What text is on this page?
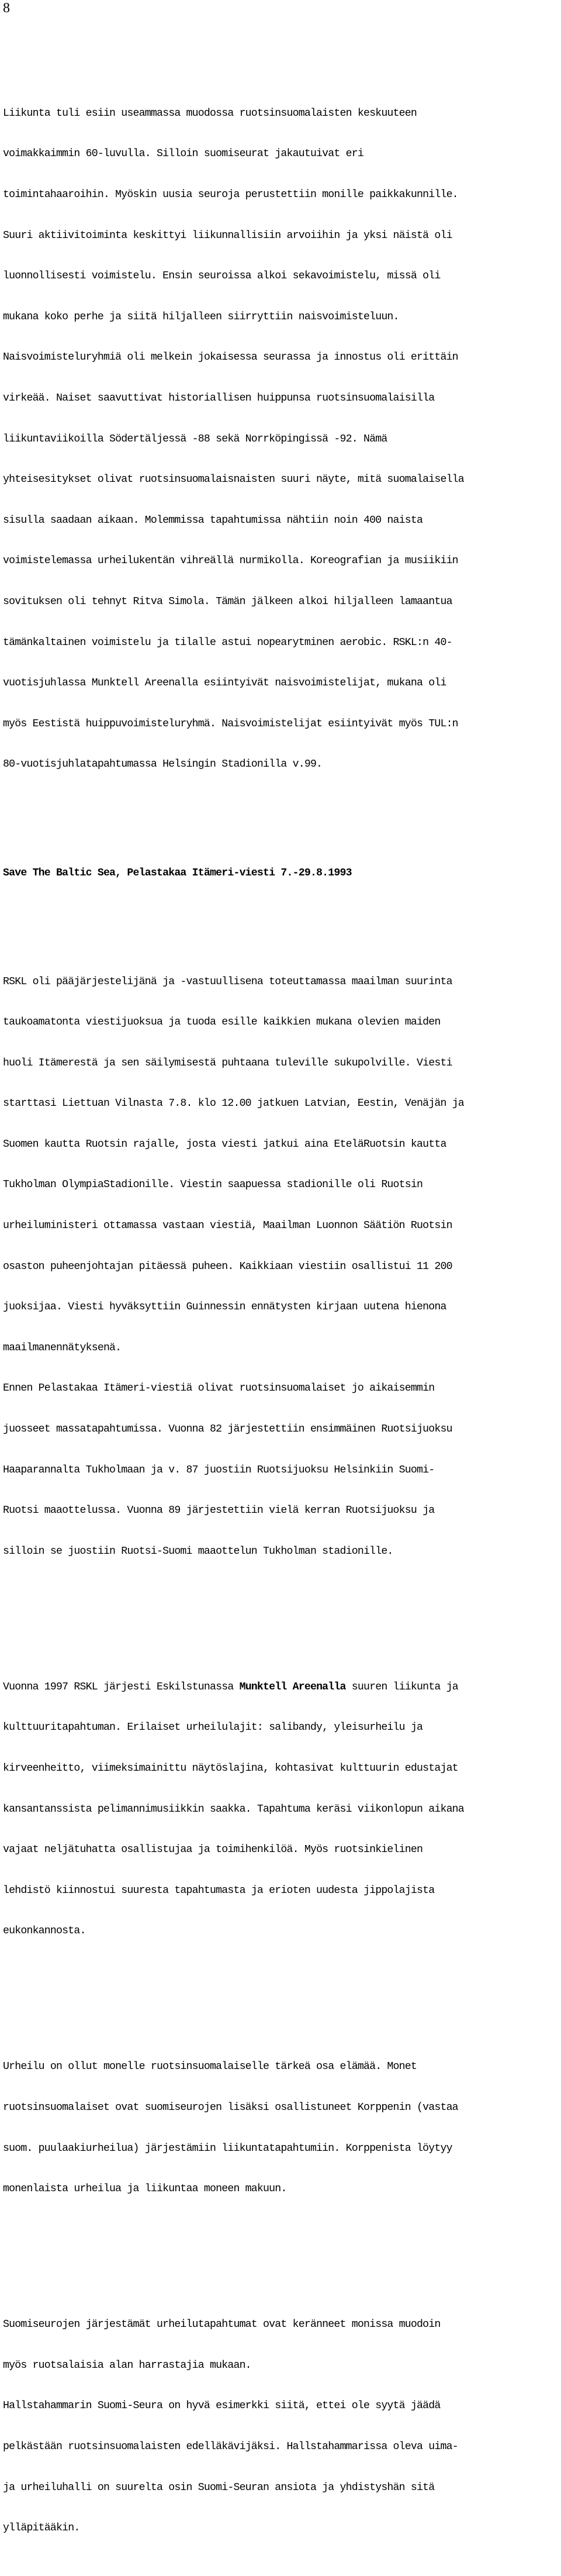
8

Liikunta tuli esiin useammassa muodossa ruotsinsuomalaisten keskuuteen

voimakkaimmin 60-luvulla. Silloin suomiseurat jakautuivat eri

toimintahaaroihin. Myöskin uusia seuroja perustettiin monille paikkakunnille.

Suuri aktiivitoiminta keskittyi liikunnallisiin arvoiihin ja yksi näistä oli

luonnollisesti voimistelu. Ensin seuroissa alkoi sekavoimistelu, missä oli

mukana koko perhe ja siitä hiljalleen siirryttiin naisvoimisteluun.

Naisvoimisteluryhmiä oli melkein jokaisessa seurassa ja innostus oli erittäin

virkeää. Naiset saavuttivat historiallisen huippunsa ruotsinsuomalaisilla

liikuntaviikoilla Södertäljessä -88 sekä Norrköpingissä -92. Nämä

yhteisesitykset olivat ruotsinsuomalaisnaisten suuri näyte, mitä suomalaisella

sisulla saadaan aikaan. Molemmissa tapahtumissa nähtiin noin 400 naista

voimistelemassa urheilukentän vihreällä nurmikolla. Koreografian ja musiikiin

sovituksen oli tehnyt Ritva Simola. Tämän jälkeen alkoi hiljalleen lamaantua

tämänkaltainen voimistelu ja tilalle astui nopearytminen aerobic. RSKL:n 40-

vuotisjuhlassa Munktell Areenalla esiintyivät naisvoimistelijat, mukana oli

myös Eestistä huippuvoimisteluryhmä. Naisvoimistelijat esiintyivät myös TUL:n

80-vuotisjuhlatapahtumassa Helsingin Stadionilla v.99.

Save The Baltic Sea, Pelastakaa Itämeri-viesti 7.-29.8.1993

RSKL oli pääjärjestelijänä ja -vastuullisena toteuttamassa maailman suurinta

taukoamatonta viestijuoksua ja tuoda esille kaikkien mukana olevien maiden

huoli Itämerestä ja sen säilymisestä puhtaana tuleville sukupolville. Viesti

starttasi Liettuan Vilnasta 7.8. klo 12.00 jatkuen Latvian, Eestin, Venäjän ja

Suomen kautta Ruotsin rajalle, josta viesti jatkui aina EteläRuotsin kautta

Tukholman OlympiaStadionille. Viestin saapuessa stadionille oli Ruotsin

urheiluministeri ottamassa vastaan viestiä, Maailman Luonnon Säätiön Ruotsin

osaston puheenjohtajan pitäessä puheen. Kaikkiaan viestiin osallistui 11 200

juoksijaa. Viesti hyväksyttiin Guinnessin ennätysten kirjaan uutena hienona

maailmanennätyksenä.

Ennen Pelastakaa Itämeri-viestiä olivat ruotsinsuomalaiset jo aikaisemmin

juosseet massatapahtumissa. Vuonna 82 järjestettiin ensimmäinen Ruotsijuoksu

Haaparannalta Tukholmaan ja v. 87 juostiin Ruotsijuoksu Helsinkiin Suomi-

Ruotsi maaottelussa. Vuonna 89 järjestettiin vielä kerran Ruotsijuoksu ja

silloin se juostiin Ruotsi-Suomi maaottelun Tukholman stadionille.

Vuonna 1997 RSKL järjesti Eskilstunassa Munktell Areenalla suuren liikunta ja

kulttuuritapahtuman. Erilaiset urheilulajit: salibandy, yleisurheilu ja

kirveenheitto, viimeksimainittu näytöslajina, kohtasivat kulttuurin edustajat

kansantanssista pelimannimusiikkin saakka. Tapahtuma keräsi viikonlopun aikana

vajaat neljätuhatta osallistujaa ja toimihenkilöä. Myös ruotsinkielinen

lehdistö kiinnostui suuresta tapahtumasta ja erioten uudesta jippolajista

eukonkannosta.

Urheilu on ollut monelle ruotsinsuomalaiselle tärkeä osa elämää. Monet

ruotsinsuomalaiset ovat suomiseurojen lisäksi osallistuneet Korppenin (vastaa

suom. puulaakiurheilua) järjestämiin liikuntatapahtumiin. Korppenista löytyy

monenlaista urheilua ja liikuntaa moneen makuun.

Suomiseurojen järjestämät urheilutapahtumat ovat keränneet monissa muodoin

myös ruotsalaisia alan harrastajia mukaan.

Hallstahammarin Suomi-Seura on hyvä esimerkki siitä, ettei ole syytä jäädä

pelkästään ruotsinsuomalaisten edelläkävijäksi. Hallstahammarissa oleva uima-

ja urheiluhalli on suurelta osin Suomi-Seuran ansiota ja yhdistyshän sitä

ylläpitääkin.
